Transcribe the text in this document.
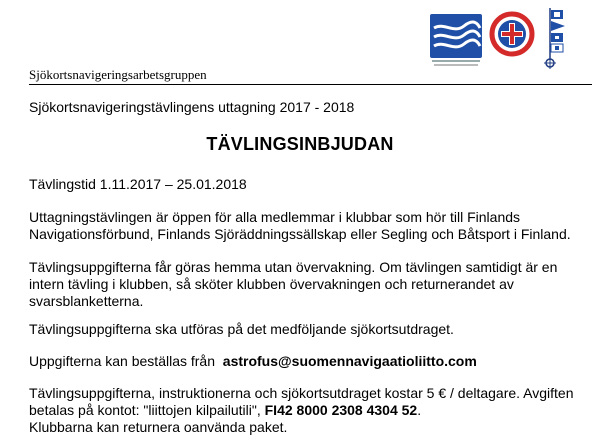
Sjökortsnavigeringsarbetsgruppen
Sjökortsnavigeringstävlingens uttagning 2017 - 2018
TÄVLINGSINBJUDAN
Tävlingstid 1.11.2017 – 25.01.2018
Uttagningstävlingen är öppen för alla medlemmar i klubbar som hör till Finlands
Navigationsförbund, Finlands Sjöräddningssällskap eller Segling och Båtsport i Finland.
Tävlingsuppgifterna får göras hemma utan övervakning. Om tävlingen samtidigt är en
intern tävling i klubben, så sköter klubben övervakningen och returnerandet av
svarsblanketterna.
Tävlingsuppgifterna ska utföras på det medföljande sjökortsutdraget.
Uppgifterna kan beställas från astrofus@suomennavigaatioliitto.com
Tävlingsuppgifterna, instruktionerna och sjökortsutdraget kostar 5 € / deltagare. Avgiften
betalas på kontot: "liittojen kilpailutili", FI42 8000 2308 4304 52.
Klubbarna kan returnera oanvända paket.
